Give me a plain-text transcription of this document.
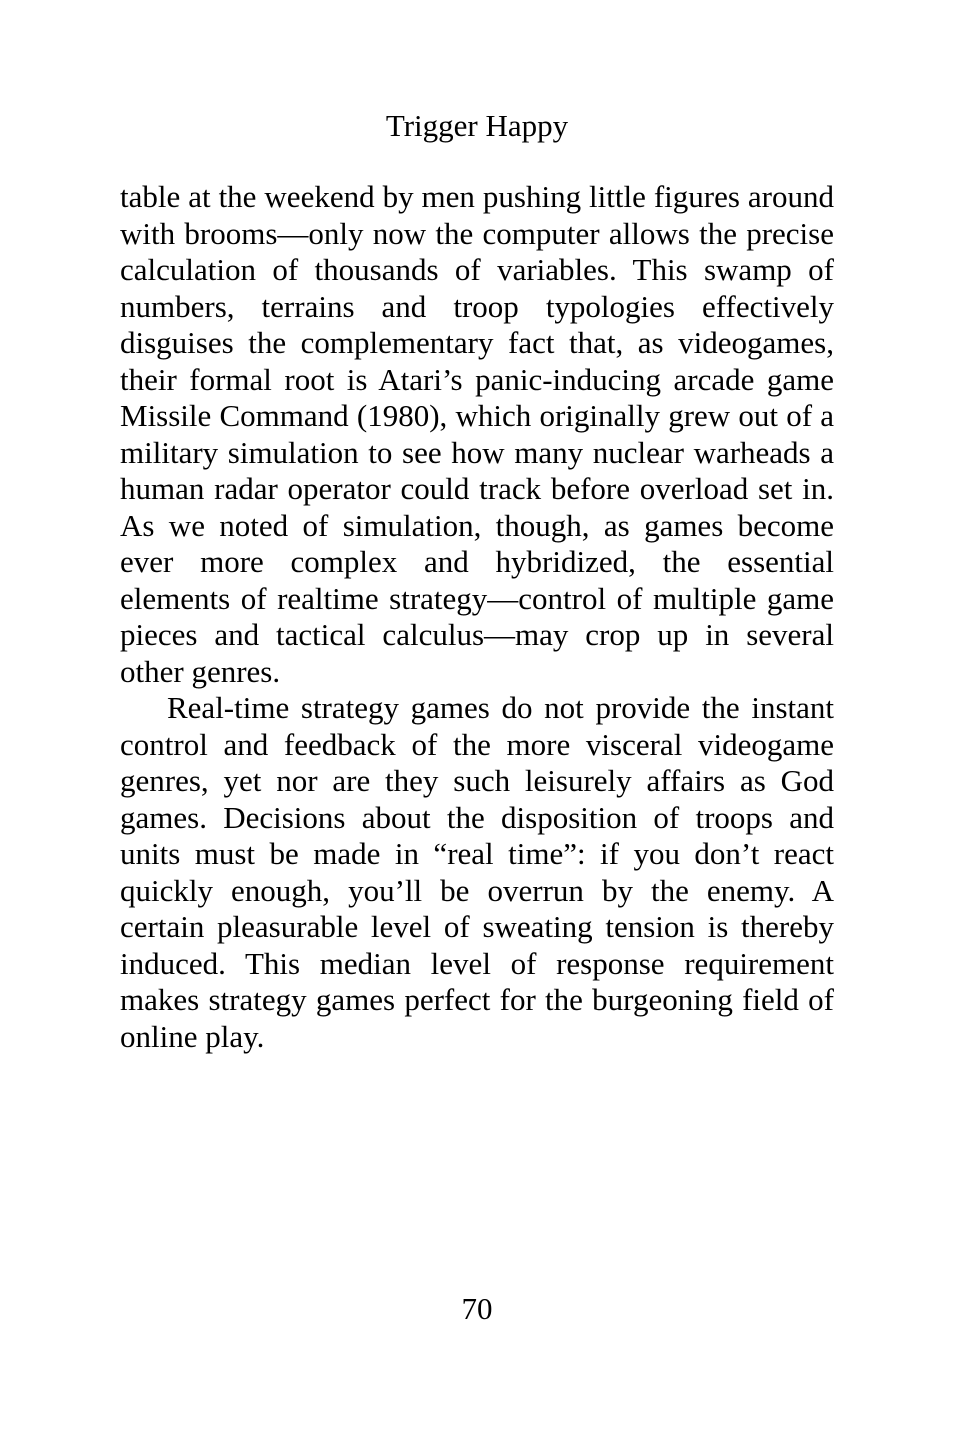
Trigger Happy

table at the weekend by men pushing little figures around with brooms—only now the computer allows the precise calculation of thousands of variables. This swamp of numbers, terrains and troop typologies effectively disguises the complementary fact that, as videogames, their formal root is Atari’s panic-inducing arcade game Missile Command (1980), which originally grew out of a military simulation to see how many nuclear warheads a human radar operator could track before overload set in. As we noted of simulation, though, as games become ever more complex and hybridized, the essential elements of realtime strategy—control of multiple game pieces and tactical calculus—may crop up in several other genres.

Real-time strategy games do not provide the instant control and feedback of the more visceral videogame genres, yet nor are they such leisurely affairs as God games. Decisions about the disposition of troops and units must be made in “real time”: if you don’t react quickly enough, you’ll be overrun by the enemy. A certain pleasurable level of sweating tension is thereby induced. This median level of response requirement makes strategy games perfect for the burgeoning field of online play.

70
